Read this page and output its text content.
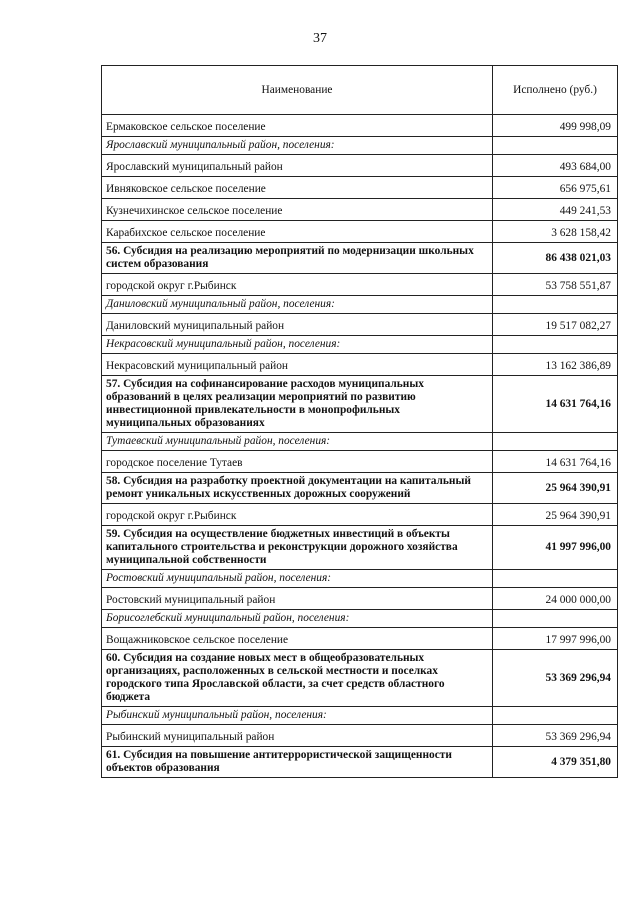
37
Наименование	Исполнено (руб.)
Ермаковское сельское поселение	499 998,09
Ярославский муниципальный район, поселения:	
Ярославский муниципальный район	493 684,00
Ивняковское сельское поселение	656 975,61
Кузнечихинское сельское поселение	449 241,53
Карабихское сельское поселение	3 628 158,42
56. Субсидия на реализацию мероприятий по модернизации школьных систем образования	86 438 021,03
городской округ г.Рыбинск	53 758 551,87
Даниловский муниципальный район, поселения:	
Даниловский муниципальный район	19 517 082,27
Некрасовский муниципальный район, поселения:	
Некрасовский муниципальный район	13 162 386,89
57. Субсидия на софинансирование расходов муниципальных образований в целях реализации мероприятий по развитию инвестиционной привлекательности в монопрофильных муниципальных образованиях	14 631 764,16
Тутаевский муниципальный район, поселения:	
городское поселение Тутаев	14 631 764,16
58. Субсидия на разработку проектной документации на капитальный ремонт уникальных искусственных дорожных сооружений	25 964 390,91
городской округ г.Рыбинск	25 964 390,91
59. Субсидия на осуществление бюджетных инвестиций в объекты капитального строительства и реконструкции дорожного хозяйства муниципальной собственности	41 997 996,00
Ростовский муниципальный район, поселения:	
Ростовский муниципальный район	24 000 000,00
Борисоглебский муниципальный район, поселения:	
Вощажниковское сельское поселение	17 997 996,00
60. Субсидия на создание новых мест в общеобразовательных организациях, расположенных в сельской местности и поселках городского типа Ярославской области, за счет средств областного бюджета	53 369 296,94
Рыбинский муниципальный район, поселения:	
Рыбинский муниципальный район	53 369 296,94
61. Субсидия на повышение антитеррористической защищенности объектов образования	4 379 351,80
